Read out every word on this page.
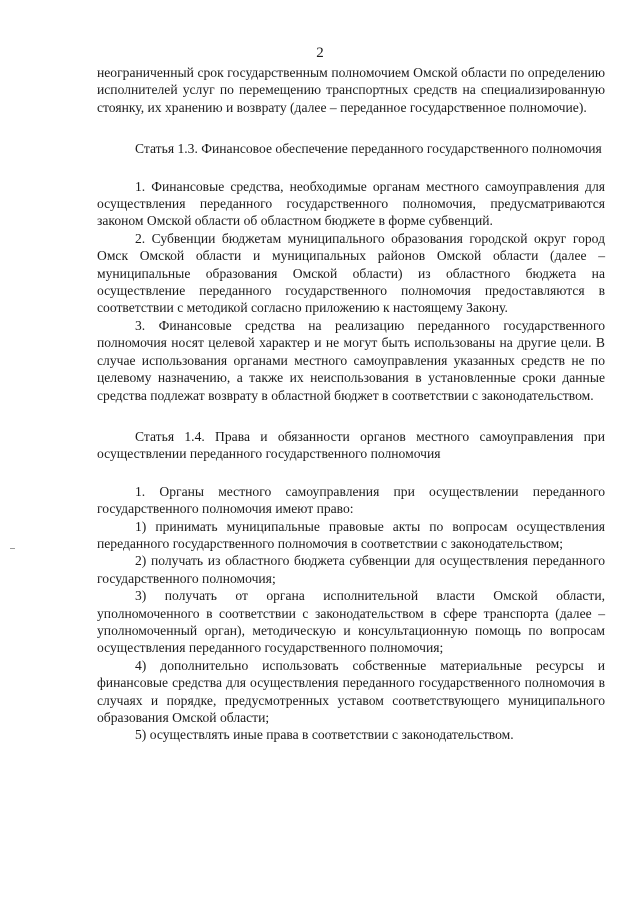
2

неограниченный срок государственным полномочием Омской области по определению исполнителей услуг по перемещению транспортных средств на специализированную стоянку, их хранению и возврату (далее – переданное государственное полномочие).

Статья 1.3. Финансовое обеспечение переданного государственного полномочия

1. Финансовые средства, необходимые органам местного самоуправления для осуществления переданного государственного полномочия, предусматриваются законом Омской области об областном бюджете в форме субвенций.

2. Субвенции бюджетам муниципального образования городской округ город Омск Омской области и муниципальных районов Омской области (далее – муниципальные образования Омской области) из областного бюджета на осуществление переданного государственного полномочия предоставляются в соответствии с методикой согласно приложению к настоящему Закону.

3. Финансовые средства на реализацию переданного государственного полномочия носят целевой характер и не могут быть использованы на другие цели. В случае использования органами местного самоуправления указанных средств не по целевому назначению, а также их неиспользования в установленные сроки данные средства подлежат возврату в областной бюджет в соответствии с законодательством.

Статья 1.4. Права и обязанности органов местного самоуправления при осуществлении переданного государственного полномочия

1. Органы местного самоуправления при осуществлении переданного государственного полномочия имеют право:

1) принимать муниципальные правовые акты по вопросам осуществления переданного государственного полномочия в соответствии с законодательством;

2) получать из областного бюджета субвенции для осуществления переданного государственного полномочия;

3) получать от органа исполнительной власти Омской области, уполномоченного в соответствии с законодательством в сфере транспорта (далее – уполномоченный орган), методическую и консультационную помощь по вопросам осуществления переданного государственного полномочия;

4) дополнительно использовать собственные материальные ресурсы и финансовые средства для осуществления переданного государственного полномочия в случаях и порядке, предусмотренных уставом соответствующего муниципального образования Омской области;

5) осуществлять иные права в соответствии с законодательством.
